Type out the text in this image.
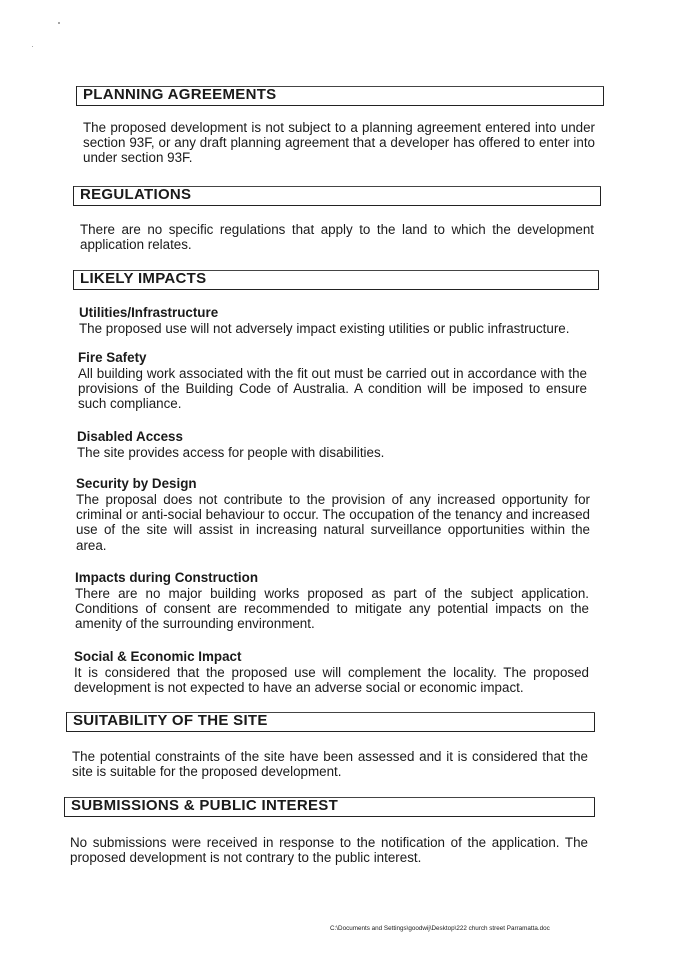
PLANNING AGREEMENTS

The proposed development is not subject to a planning agreement entered into under section 93F, or any draft planning agreement that a developer has offered to enter into under section 93F.

REGULATIONS

There are no specific regulations that apply to the land to which the development application relates.

LIKELY IMPACTS

Utilities/Infrastructure

The proposed use will not adversely impact existing utilities or public infrastructure.

Fire Safety

All building work associated with the fit out must be carried out in accordance with the provisions of the Building Code of Australia. A condition will be imposed to ensure such compliance.

Disabled Access

The site provides access for people with disabilities.

Security by Design

The proposal does not contribute to the provision of any increased opportunity for criminal or anti-social behaviour to occur. The occupation of the tenancy and increased use of the site will assist in increasing natural surveillance opportunities within the area.

Impacts during Construction

There are no major building works proposed as part of the subject application. Conditions of consent are recommended to mitigate any potential impacts on the amenity of the surrounding environment.

Social & Economic Impact

It is considered that the proposed use will complement the locality. The proposed development is not expected to have an adverse social or economic impact.

SUITABILITY OF THE SITE

The potential constraints of the site have been assessed and it is considered that the site is suitable for the proposed development.

SUBMISSIONS & PUBLIC INTEREST

No submissions were received in response to the notification of the application. The proposed development is not contrary to the public interest.

C:\Documents and Settings\goodwij\Desktop\222 church street Parramatta.doc
